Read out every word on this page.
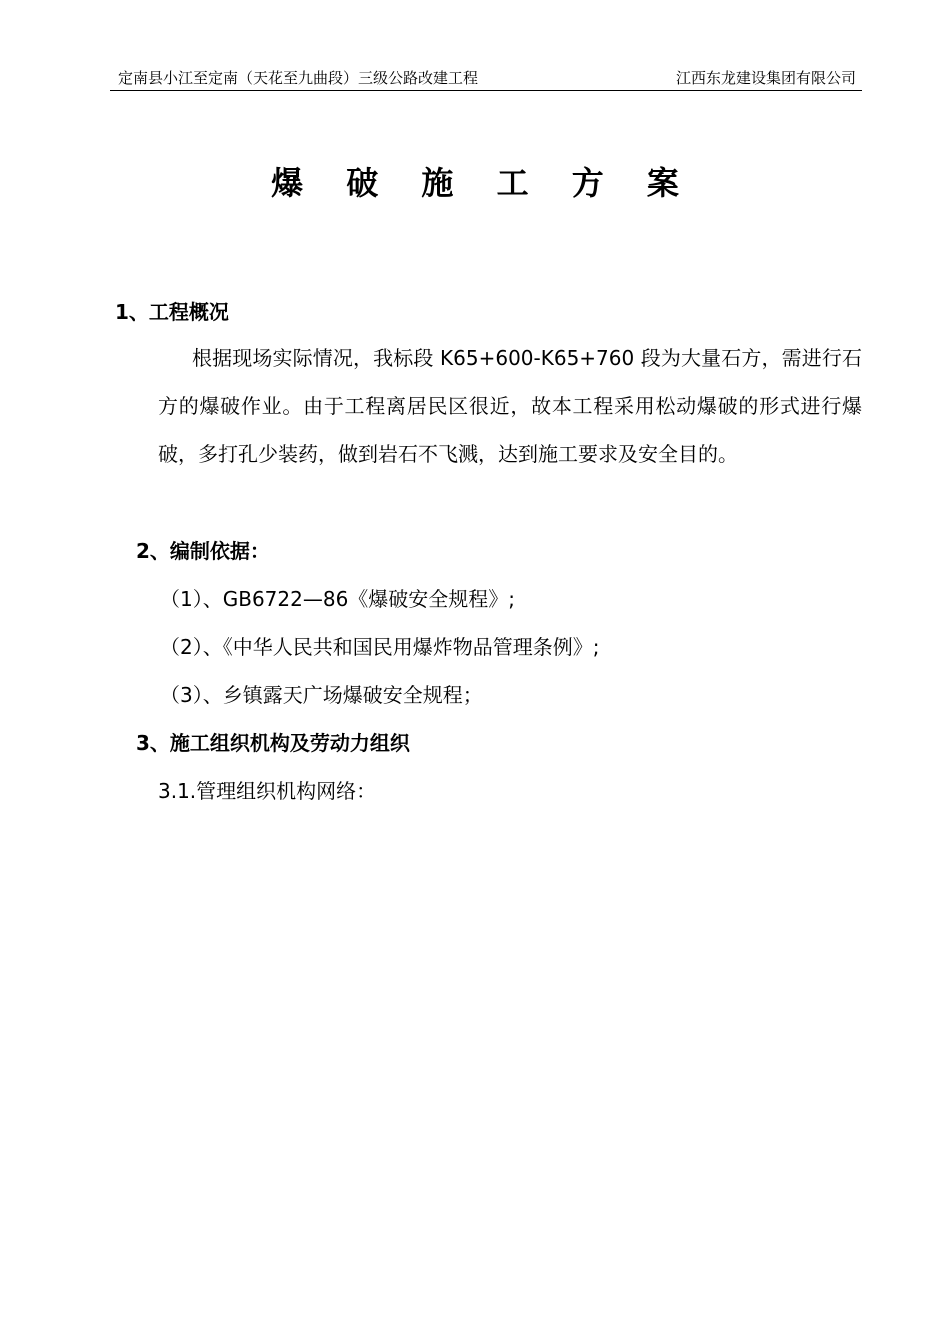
定南县小江至定南（天花至九曲段）三级公路改建工程	江西东龙建设集团有限公司
爆 破 施 工 方 案
1、工程概况
根据现场实际情况，我标段 K65+600-K65+760 段为大量石方，需进行石方的爆破作业。由于工程离居民区很近，故本工程采用松动爆破的形式进行爆破，多打孔少装药，做到岩石不飞溅，达到施工要求及安全目的。
2、编制依据：
（1）、GB6722—86《爆破安全规程》;
（2）、《中华人民共和国民用爆炸物品管理条例》;
（3）、乡镇露天广场爆破安全规程；
3、施工组织机构及劳动力组织
3.1.管理组织机构网络：
